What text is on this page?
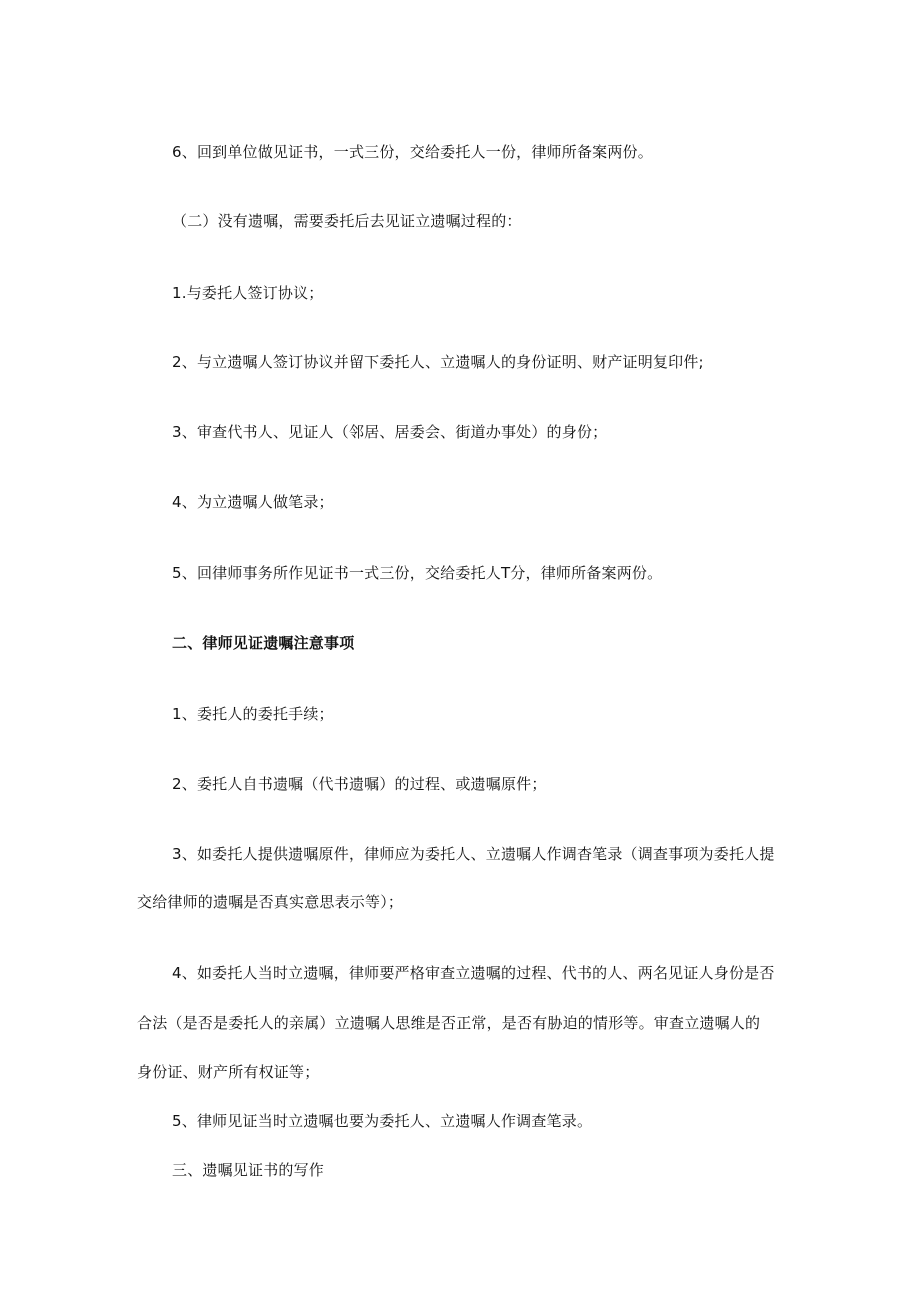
6、回到单位做见证书，一式三份，交给委托人一份，律师所备案两份。
（二）没有遗嘱，需要委托后去见证立遗嘱过程的：
1.与委托人签订协议；
2、与立遗嘱人签订协议并留下委托人、立遗嘱人的身份证明、财产证明复印件;
3、审查代书人、见证人（邻居、居委会、街道办事处）的身份；
4、为立遗嘱人做笔录；
5、回律师事务所作见证书一式三份，交给委托人T分，律师所备案两份。
二、律师见证遗嘱注意事项
1、委托人的委托手续；
2、委托人自书遗嘱（代书遗嘱）的过程、或遗嘱原件；
3、如委托人提供遗嘱原件，律师应为委托人、立遗嘱人作调杳笔录（调查事项为委托人提
交给律师的遗嘱是否真实意思表示等）；
4、如委托人当时立遗嘱，律师要严格审查立遗嘱的过程、代书的人、两名见证人身份是否
合法（是否是委托人的亲属）立遗嘱人思维是否正常，是否有胁迫的情形等。审查立遗嘱人的
身份证、财产所有权证等；
5、律师见证当时立遗嘱也要为委托人、立遗嘱人作调查笔录。
三、遗嘱见证书的写作
